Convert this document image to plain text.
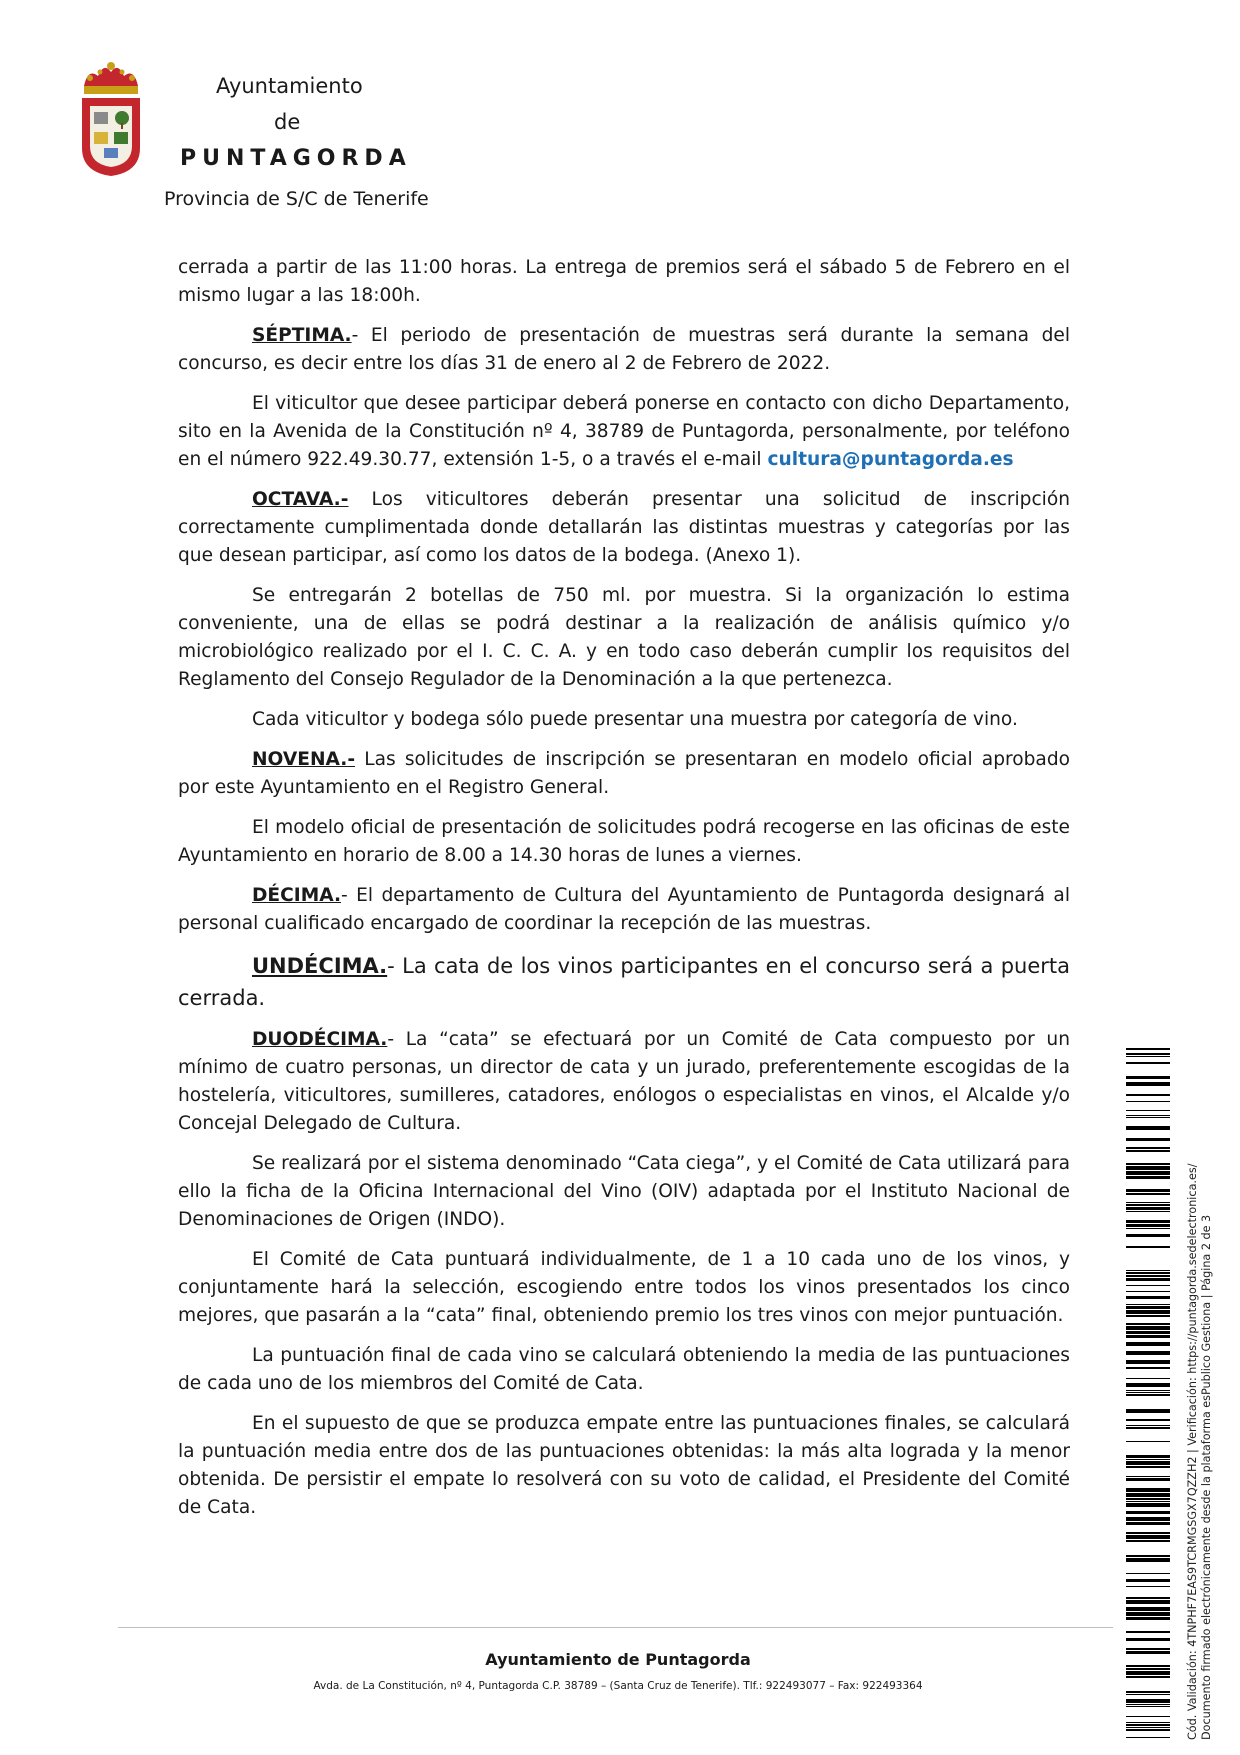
Ayuntamiento
de
PUNTAGORDA
Provincia de S/C de Tenerife

cerrada a partir de las 11:00 horas. La entrega de premios será el sábado 5 de Febrero en el mismo lugar a las 18:00h.

SÉPTIMA.- El periodo de presentación de muestras será durante la semana del concurso, es decir entre los días 31 de enero al 2 de Febrero de 2022.

El viticultor que desee participar deberá ponerse en contacto con dicho Departamento, sito en la Avenida de la Constitución nº 4, 38789 de Puntagorda, personalmente, por teléfono en el número 922.49.30.77, extensión 1-5, o a través el e-mail cultura@puntagorda.es

OCTAVA.- Los viticultores deberán presentar una solicitud de inscripción correctamente cumplimentada donde detallarán las distintas muestras y categorías por las que desean participar, así como los datos de la bodega. (Anexo 1).

Se entregarán 2 botellas de 750 ml. por muestra. Si la organización lo estima conveniente, una de ellas se podrá destinar a la realización de análisis químico y/o microbiológico realizado por el I. C. C. A. y en todo caso deberán cumplir los requisitos del Reglamento del Consejo Regulador de la Denominación a la que pertenezca.

Cada viticultor y bodega sólo puede presentar una muestra por categoría de vino.

NOVENA.- Las solicitudes de inscripción se presentaran en modelo oficial aprobado por este Ayuntamiento en el Registro General.

El modelo oficial de presentación de solicitudes podrá recogerse en las oficinas de este Ayuntamiento en horario de 8.00 a 14.30 horas de lunes a viernes.

DÉCIMA.- El departamento de Cultura del Ayuntamiento de Puntagorda designará al personal cualificado encargado de coordinar la recepción de las muestras.

UNDÉCIMA.- La cata de los vinos participantes en el concurso será a puerta cerrada.

DUODÉCIMA.- La “cata” se efectuará por un Comité de Cata compuesto por un mínimo de cuatro personas, un director de cata y un jurado, preferentemente escogidas de la hostelería, viticultores, sumilleres, catadores, enólogos o especialistas en vinos, el Alcalde y/o Concejal Delegado de Cultura.

Se realizará por el sistema denominado “Cata ciega”, y el Comité de Cata utilizará para ello la ficha de la Oficina Internacional del Vino (OIV) adaptada por el Instituto Nacional de Denominaciones de Origen (INDO).

El Comité de Cata puntuará individualmente, de 1 a 10 cada uno de los vinos, y conjuntamente hará la selección, escogiendo entre todos los vinos presentados los cinco mejores, que pasarán a la “cata” final, obteniendo premio los tres vinos con mejor puntuación.

La puntuación final de cada vino se calculará obteniendo la media de las puntuaciones de cada uno de los miembros del Comité de Cata.

En el supuesto de que se produzca empate entre las puntuaciones finales, se calculará la puntuación media entre dos de las puntuaciones obtenidas: la más alta lograda y la menor obtenida. De persistir el empate lo resolverá con su voto de calidad, el Presidente del Comité de Cata.

Ayuntamiento de Puntagorda
Avda. de La Constitución, nº 4, Puntagorda C.P. 38789 – (Santa Cruz de Tenerife). Tlf.: 922493077 – Fax: 922493364	Cód. Validación: 4TNPHF7EAS9TCRMGSGX7QZZH2 | Verificación: https://puntagorda.sedelectronica.es/ Documento firmado electrónicamente desde la plataforma esPublico Gestiona | Página 2 de 3
